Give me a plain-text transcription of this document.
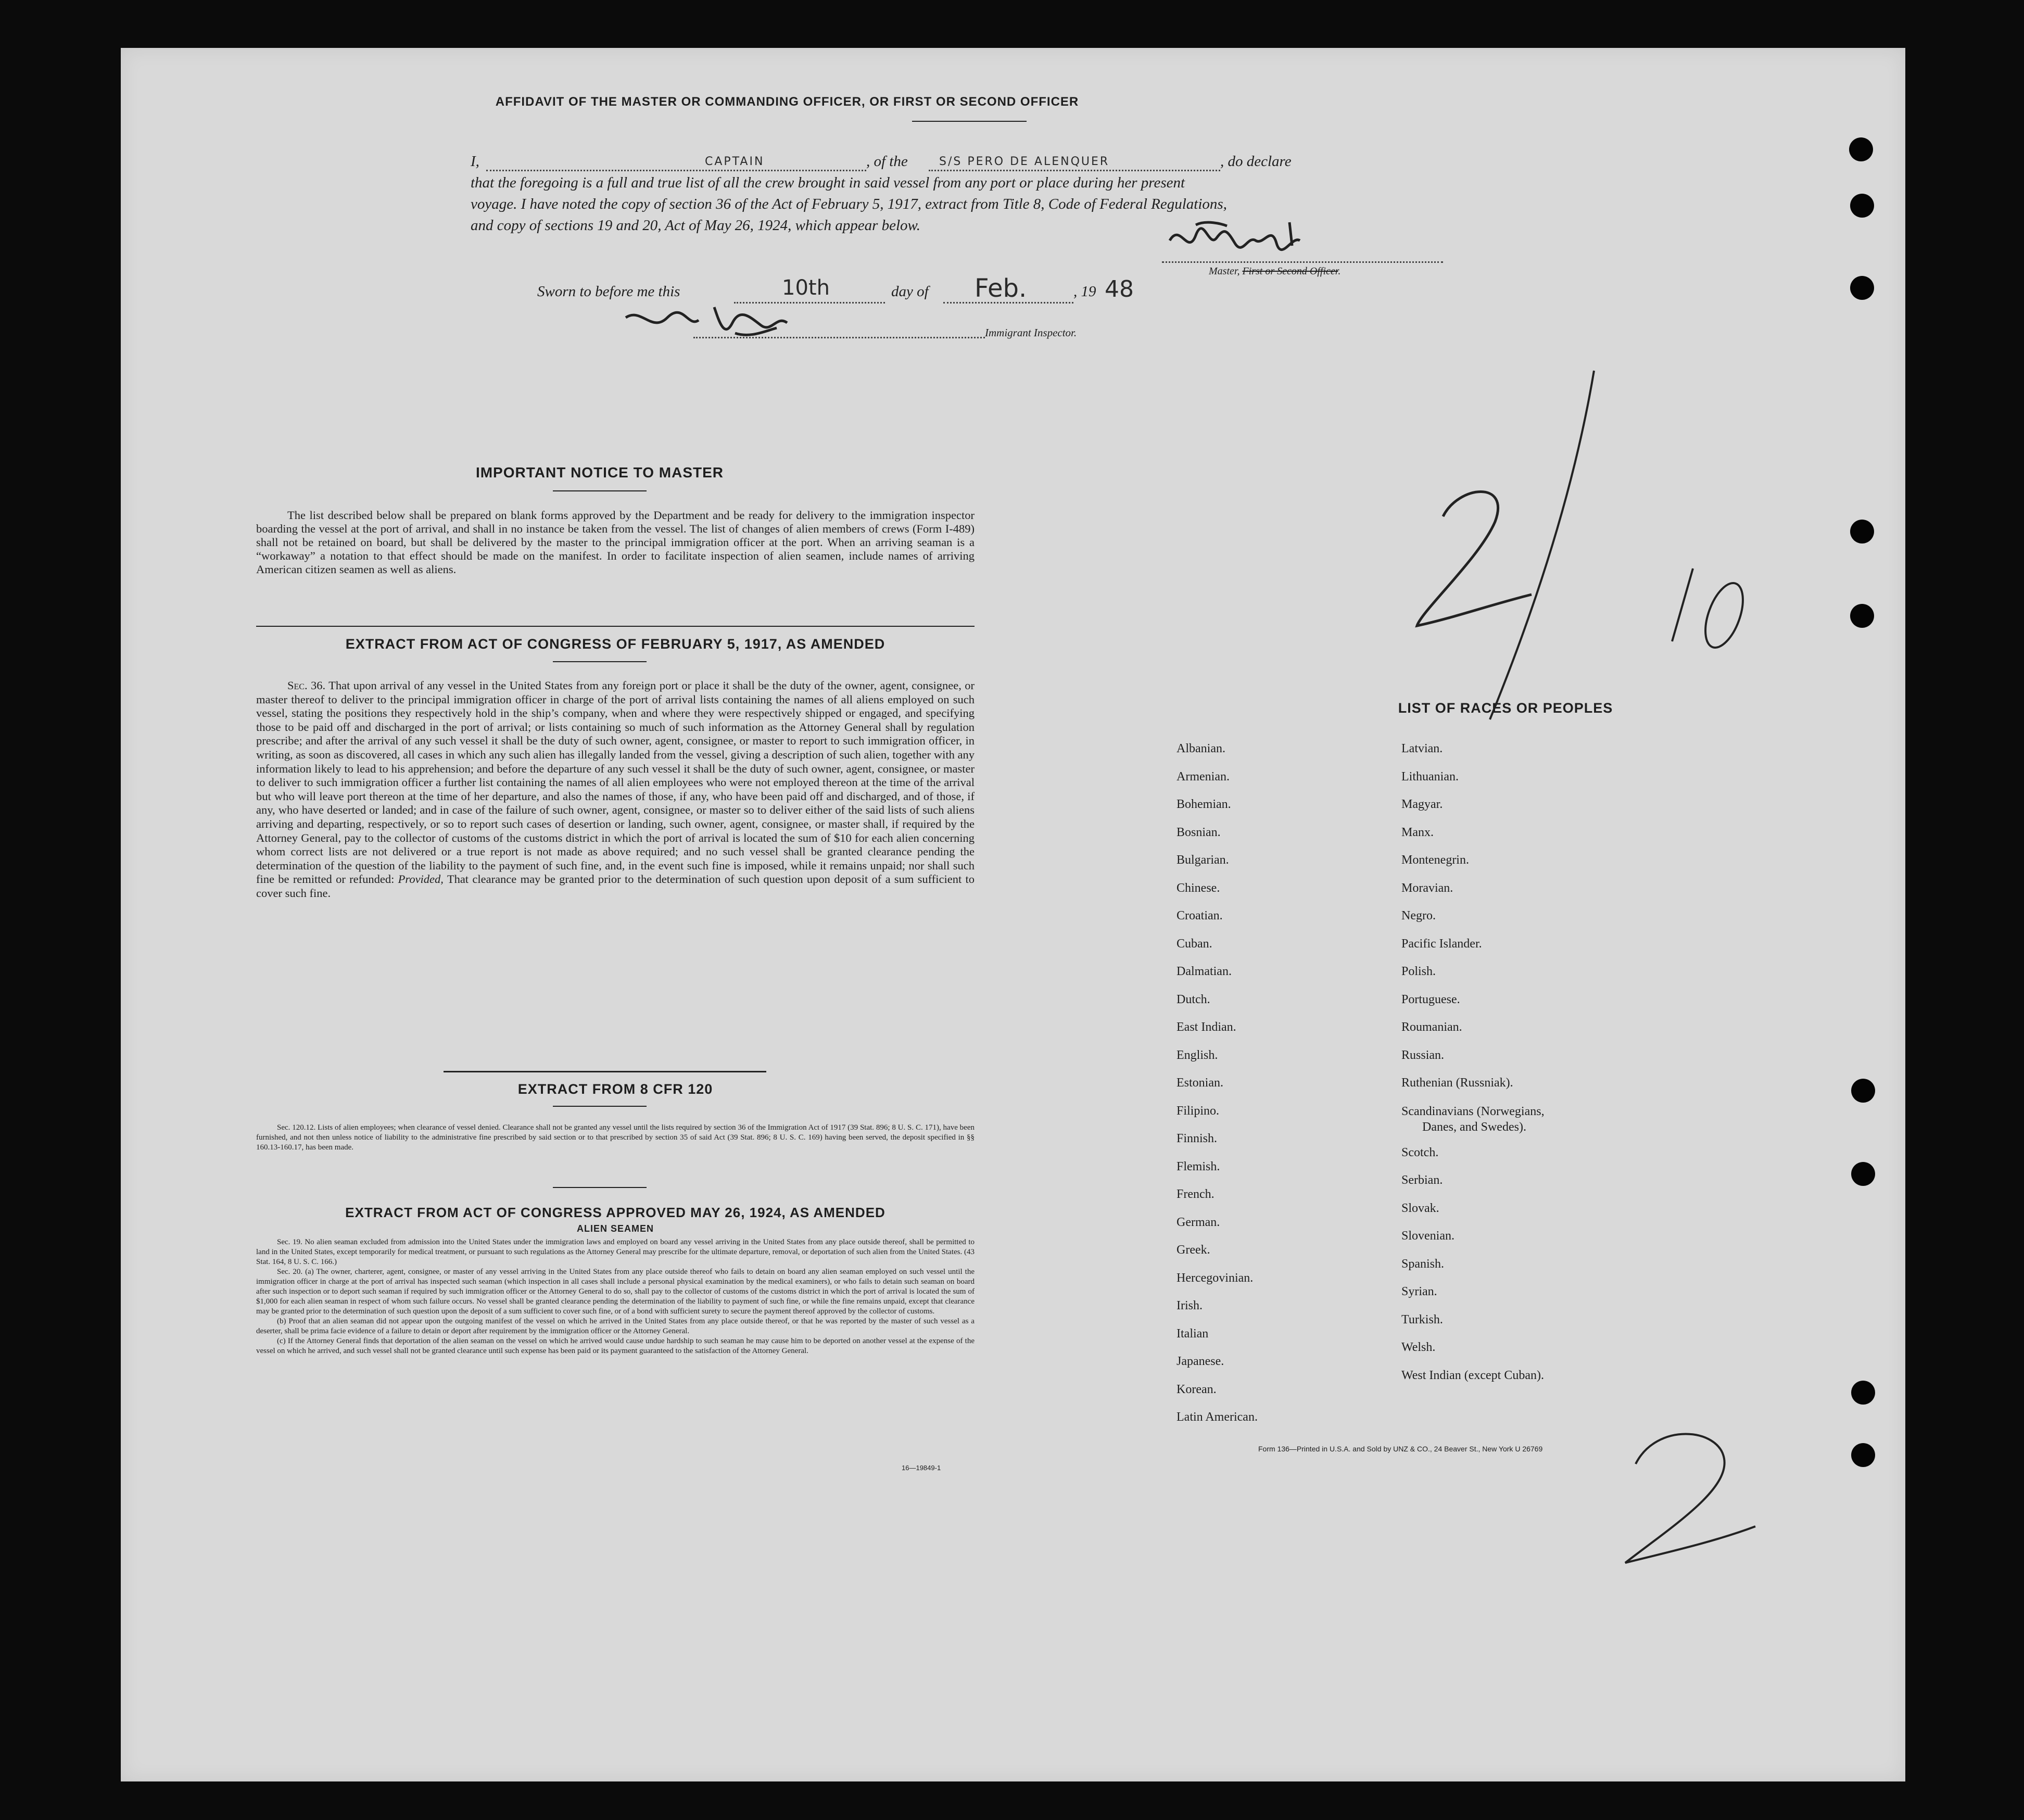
AFFIDAVIT OF THE MASTER OR COMMANDING OFFICER, OR FIRST OR SECOND OFFICER
I,	CAPTAIN	, of the	S/S PERO DE ALENQUER	, do declare
that the foregoing is a full and true list of all the crew brought in said vessel from any port or place during her present
voyage. I have noted the copy of section 36 of the Act of February 5, 1917, extract from Title 8, Code of Federal Regulations,
and copy of sections 19 and 20, Act of May 26, 1924, which appear below.
Master, First or Second Officer.
Sworn to before me this	10th	day of Feb.	, 19 48
Immigrant Inspector.
IMPORTANT NOTICE TO MASTER
The list described below shall be prepared on blank forms approved by the Department and be ready for delivery to the immigration inspector boarding the vessel at the port of arrival, and shall in no instance be taken from the vessel. The list of changes of alien members of crews (Form I-489) shall not be retained on board, but shall be delivered by the master to the principal immigration officer at the port. When an arriving seaman is a “workaway” a notation to that effect should be made on the manifest. In order to facilitate inspection of alien seamen, include names of arriving American citizen seamen as well as aliens.
EXTRACT FROM ACT OF CONGRESS OF FEBRUARY 5, 1917, AS AMENDED
Sec. 36. That upon arrival of any vessel in the United States from any foreign port or place it shall be the duty of the owner, agent, consignee, or master thereof to deliver to the principal immigration officer in charge of the port of arrival lists containing the names of all aliens employed on such vessel, stating the positions they respectively hold in the ship’s company, when and where they were respectively shipped or engaged, and specifying those to be paid off and discharged in the port of arrival; or lists containing so much of such information as the Attorney General shall by regulation prescribe; and after the arrival of any such vessel it shall be the duty of such owner, agent, consignee, or master to report to such immigration officer, in writing, as soon as discovered, all cases in which any such alien has illegally landed from the vessel, giving a description of such alien, together with any information likely to lead to his apprehension; and before the departure of any such vessel it shall be the duty of such owner, agent, consignee, or master to deliver to such immigration officer a further list containing the names of all alien employees who were not employed thereon at the time of the arrival but who will leave port thereon at the time of her departure, and also the names of those, if any, who have been paid off and discharged, and of those, if any, who have deserted or landed; and in case of the failure of such owner, agent, consignee, or master so to deliver either of the said lists of such aliens arriving and departing, respectively, or so to report such cases of desertion or landing, such owner, agent, consignee, or master shall, if required by the Attorney General, pay to the collector of customs of the customs district in which the port of arrival is located the sum of $10 for each alien concerning whom correct lists are not delivered or a true report is not made as above required; and no such vessel shall be granted clearance pending the determination of the question of the liability to the payment of such fine, and, in the event such fine is imposed, while it remains unpaid; nor shall such fine be remitted or refunded: Provided, That clearance may be granted prior to the determination of such question upon deposit of a sum sufficient to cover such fine.
EXTRACT FROM 8 CFR 120
Sec. 120.12. Lists of alien employees; when clearance of vessel denied. Clearance shall not be granted any vessel until the lists required by section 36 of the Immigration Act of 1917 (39 Stat. 896; 8 U. S. C. 171), have been furnished, and not then unless notice of liability to the administrative fine prescribed by said section or to that prescribed by section 35 of said Act (39 Stat. 896; 8 U. S. C. 169) having been served, the deposit specified in §§ 160.13-160.17, has been made.
EXTRACT FROM ACT OF CONGRESS APPROVED MAY 26, 1924, AS AMENDED
ALIEN SEAMEN
Sec. 19. No alien seaman excluded from admission into the United States under the immigration laws and employed on board any vessel arriving in the United States from any place outside thereof, shall be permitted to land in the United States, except temporarily for medical treatment, or pursuant to such regulations as the Attorney General may prescribe for the ultimate departure, removal, or deportation of such alien from the United States. (43 Stat. 164, 8 U. S. C. 166.)
Sec. 20. (a) The owner, charterer, agent, consignee, or master of any vessel arriving in the United States from any place outside thereof who fails to detain on board any alien seaman employed on such vessel until the immigration officer in charge at the port of arrival has inspected such seaman (which inspection in all cases shall include a personal physical examination by the medical examiners), or who fails to detain such seaman on board after such inspection or to deport such seaman if required by such immigration officer or the Attorney General to do so, shall pay to the collector of customs of the customs district in which the port of arrival is located the sum of $1,000 for each alien seaman in respect of whom such failure occurs. No vessel shall be granted clearance pending the determination of the liability to payment of such fine, or while the fine remains unpaid, except that clearance may be granted prior to the determination of such question upon the deposit of a sum sufficient to cover such fine, or of a bond with sufficient surety to secure the payment thereof approved by the collector of customs.
(b) Proof that an alien seaman did not appear upon the outgoing manifest of the vessel on which he arrived in the United States from any place outside thereof, or that he was reported by the master of such vessel as a deserter, shall be prima facie evidence of a failure to detain or deport after requirement by the immigration officer or the Attorney General.
(c) If the Attorney General finds that deportation of the alien seaman on the vessel on which he arrived would cause undue hardship to such seaman he may cause him to be deported on another vessel at the expense of the vessel on which he arrived, and such vessel shall not be granted clearance until such expense has been paid or its payment guaranteed to the satisfaction of the Attorney General.
16—19849-1
LIST OF RACES OR PEOPLES
Albanian.
Armenian.
Bohemian.
Bosnian.
Bulgarian.
Chinese.
Croatian.
Cuban.
Dalmatian.
Dutch.
East Indian.
English.
Estonian.
Filipino.
Finnish.
Flemish.
French.
German.
Greek.
Hercegovinian.
Irish.
Italian
Japanese.
Korean.
Latin American.
Latvian.
Lithuanian.
Magyar.
Manx.
Montenegrin.
Moravian.
Negro.
Pacific Islander.
Polish.
Portuguese.
Roumanian.
Russian.
Ruthenian (Russniak).
Scandinavians (Norwegians,
Danes, and Swedes).
Scotch.
Serbian.
Slovak.
Slovenian.
Spanish.
Syrian.
Turkish.
Welsh.
West Indian (except Cuban).
Form 136—Printed in U.S.A. and Sold by UNZ & CO., 24 Beaver St., New York U 26769
